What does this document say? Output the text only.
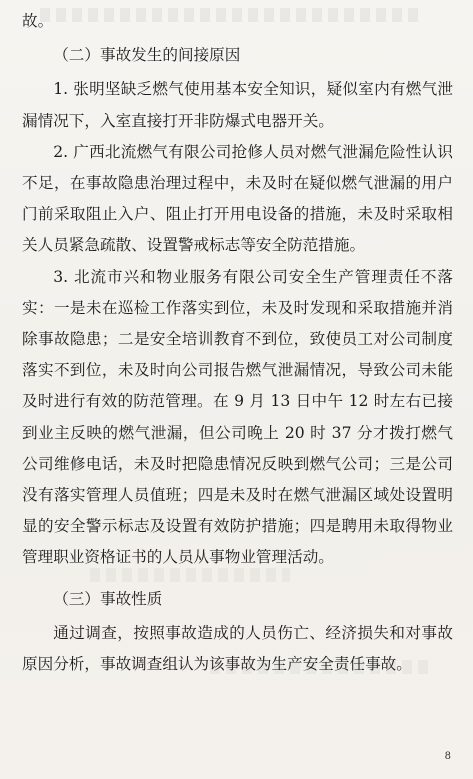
故。

（二）事故发生的间接原因

1. 张明坚缺乏燃气使用基本安全知识，疑似室内有燃气泄漏情况下，入室直接打开非防爆式电器开关。

2. 广西北流燃气有限公司抢修人员对燃气泄漏危险性认识不足，在事故隐患治理过程中，未及时在疑似燃气泄漏的用户门前采取阻止入户、阻止打开用电设备的措施，未及时采取相关人员紧急疏散、设置警戒标志等安全防范措施。

3. 北流市兴和物业服务有限公司安全生产管理责任不落实：一是未在巡检工作落实到位，未及时发现和采取措施并消除事故隐患；二是安全培训教育不到位，致使员工对公司制度落实不到位，未及时向公司报告燃气泄漏情况，导致公司未能及时进行有效的防范管理。在 9 月 13 日中午 12 时左右已接到业主反映的燃气泄漏，但公司晚上 20 时 37 分才拨打燃气公司维修电话，未及时把隐患情况反映到燃气公司；三是公司没有落实管理人员值班；四是未及时在燃气泄漏区域处设置明显的安全警示标志及设置有效防护措施；四是聘用未取得物业管理职业资格证书的人员从事物业管理活动。

（三）事故性质

通过调查，按照事故造成的人员伤亡、经济损失和对事故原因分析，事故调查组认为该事故为生产安全责任事故。

8
